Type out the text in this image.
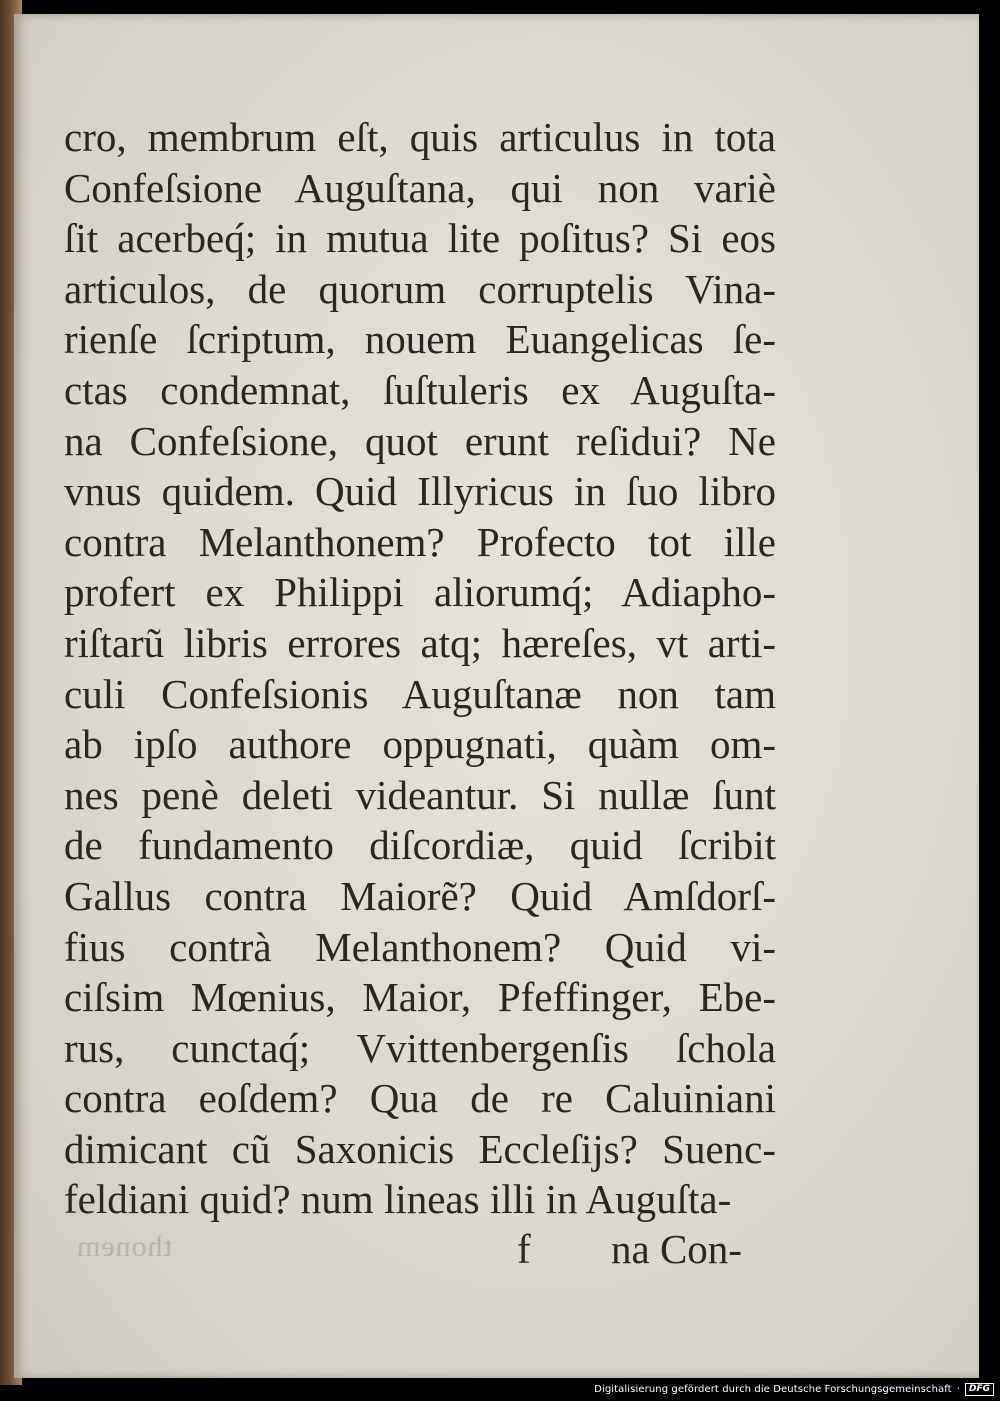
cro, membrum eſt, quis articulus in tota
Confeſsione Auguſtana, qui non variè
ſit acerbeq́; in mutua lite poſitus? Si eos
articulos, de quorum corruptelis Vina-
rienſe ſcriptum, nouem Euangelicas ſe-
ctas condemnat, ſuſtuleris ex Auguſta-
na Confeſsione, quot erunt reſidui? Ne
vnus quidem. Quid Illyricus in ſuo libro
contra Melanthonem? Profecto tot ille
profert ex Philippi aliorumq́; Adiapho-
riſtarũ libris errores atq; hæreſes, vt arti-
culi Confeſsionis Auguſtanæ non tam
ab ipſo authore oppugnati, quàm om-
nes penè deleti videantur. Si nullæ ſunt
de fundamento diſcordiæ, quid ſcribit
Gallus contra Maiorẽ? Quid Amſdorſ-
fius contrà Melanthonem? Quid vi-
ciſsim Mœnius, Maior, Pfeffinger, Ebe-
rus, cunctaq́; Vvittenbergenſis ſchola
contra eoſdem? Qua de re Caluiniani
dimicant cũ Saxonicis Eccleſijs? Suenc-
feldiani quid? num lineas illi in Auguſta-
thonem	f na Con-
Digitalisierung gefördert durch die Deutsche Forschungsgemeinschaft ·	DFG
